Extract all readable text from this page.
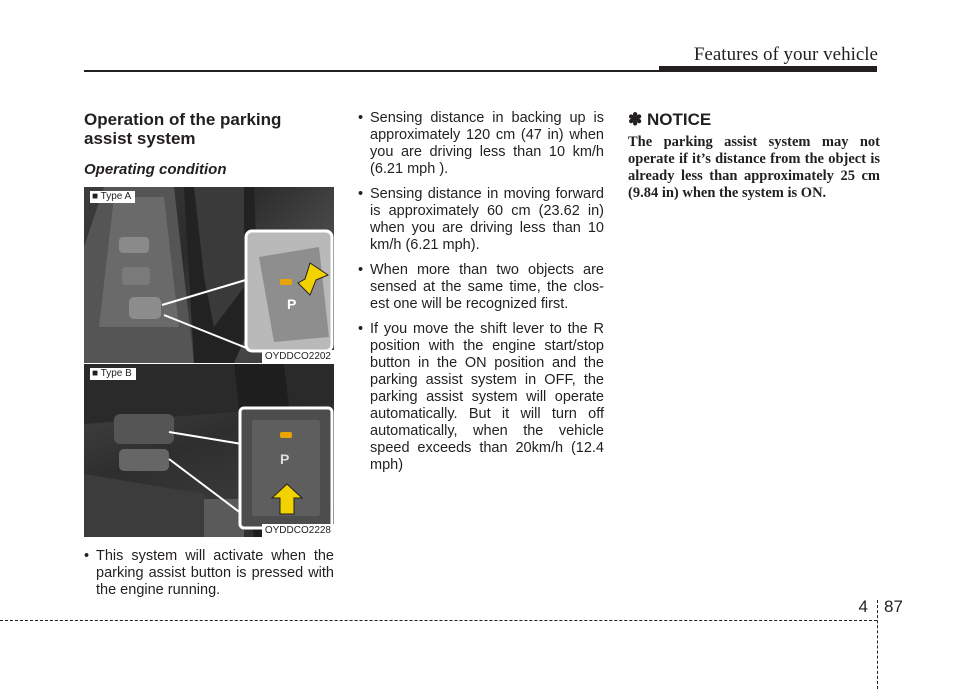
Features of your vehicle
Operation of the parking assist system
Operating condition
P
■ Type A
OYDDCO2202
P
■ Type B
OYDDCO2228
• This system will activate when the parking assist button is pressed with the engine running.
• Sensing distance in backing up is approximately 120 cm (47 in) when you are driving less than 10 km/h (6.21 mph ).
• Sensing distance in moving forward is approximately 60 cm (23.62 in) when you are driving less than 10 km/h (6.21 mph).
• When more than two objects are sensed at the same time, the closest one will be recognized first.
• If you move the shift lever to the R position with the engine start/stop button in the ON position and the parking assist system in OFF, the parking assist system will operate automatically. But it will turn off automatically, when the vehicle speed exceeds than 20km/h (12.4 mph)
✽ NOTICE
The parking assist system may not operate if it’s distance from the object is already less than approximately 25 cm (9.84 in) when the system is ON.
4 87
